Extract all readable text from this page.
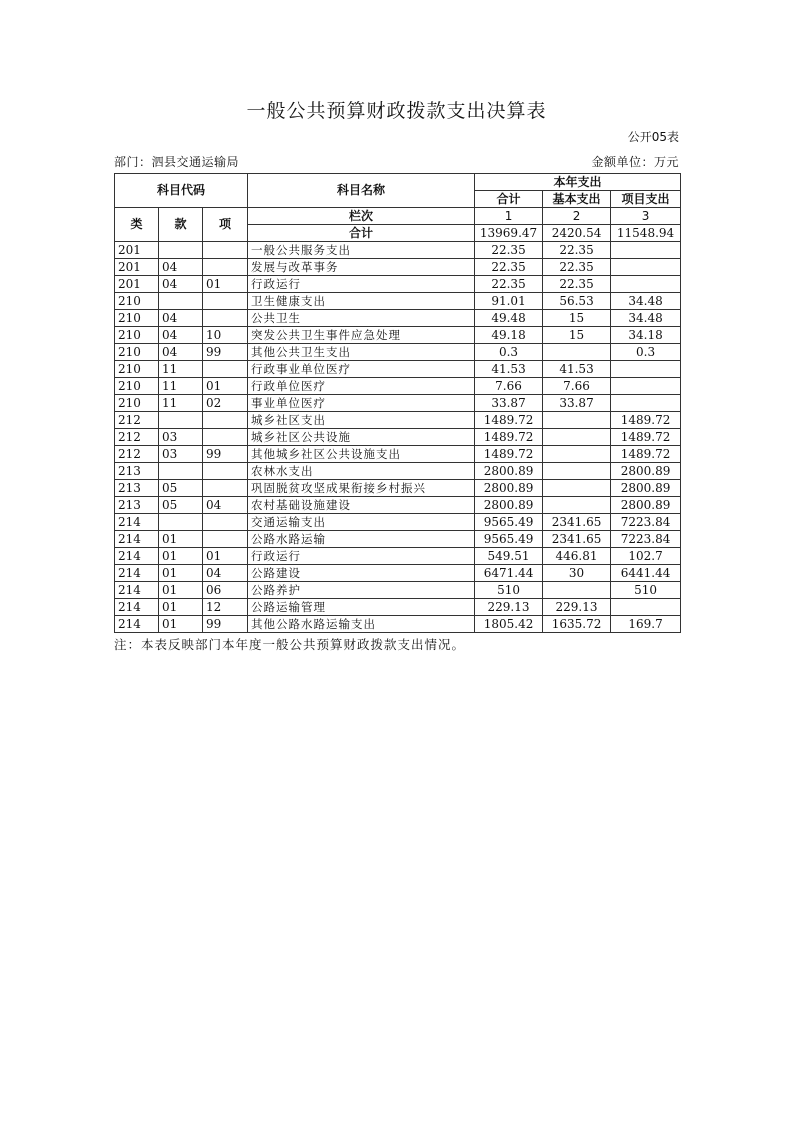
一般公共预算财政拨款支出决算表
公开05表
部门：泗县交通运输局	金额单位：万元
科目代码			科目名称	本年支出		
				合计	基本支出	项目支出
类	款	项		1	2	3
			栏次			
			合计	13969.47	2420.54	11548.94
201			一般公共服务支出	22.35	22.35	
201	04		发展与改革事务	22.35	22.35	
201	04	01	行政运行	22.35	22.35	
210			卫生健康支出	91.01	56.53	34.48
210	04		公共卫生	49.48	15	34.48
210	04	10	突发公共卫生事件应急处理	49.18	15	34.18
210	04	99	其他公共卫生支出	0.3		0.3
210	11		行政事业单位医疗	41.53	41.53	
210	11	01	行政单位医疗	7.66	7.66	
210	11	02	事业单位医疗	33.87	33.87	
212			城乡社区支出	1489.72		1489.72
212	03		城乡社区公共设施	1489.72		1489.72
212	03	99	其他城乡社区公共设施支出	1489.72		1489.72
213			农林水支出	2800.89		2800.89
213	05		巩固脱贫攻坚成果衔接乡村振兴	2800.89		2800.89
213	05	04	农村基础设施建设	2800.89		2800.89
214			交通运输支出	9565.49	2341.65	7223.84
214	01		公路水路运输	9565.49	2341.65	7223.84
214	01	01	行政运行	549.51	446.81	102.7
214	01	04	公路建设	6471.44	30	6441.44
214	01	06	公路养护	510		510
214	01	12	公路运输管理	229.13	229.13	
214	01	99	其他公路水路运输支出	1805.42	1635.72	169.7
注：本表反映部门本年度一般公共预算财政拨款支出情况。
